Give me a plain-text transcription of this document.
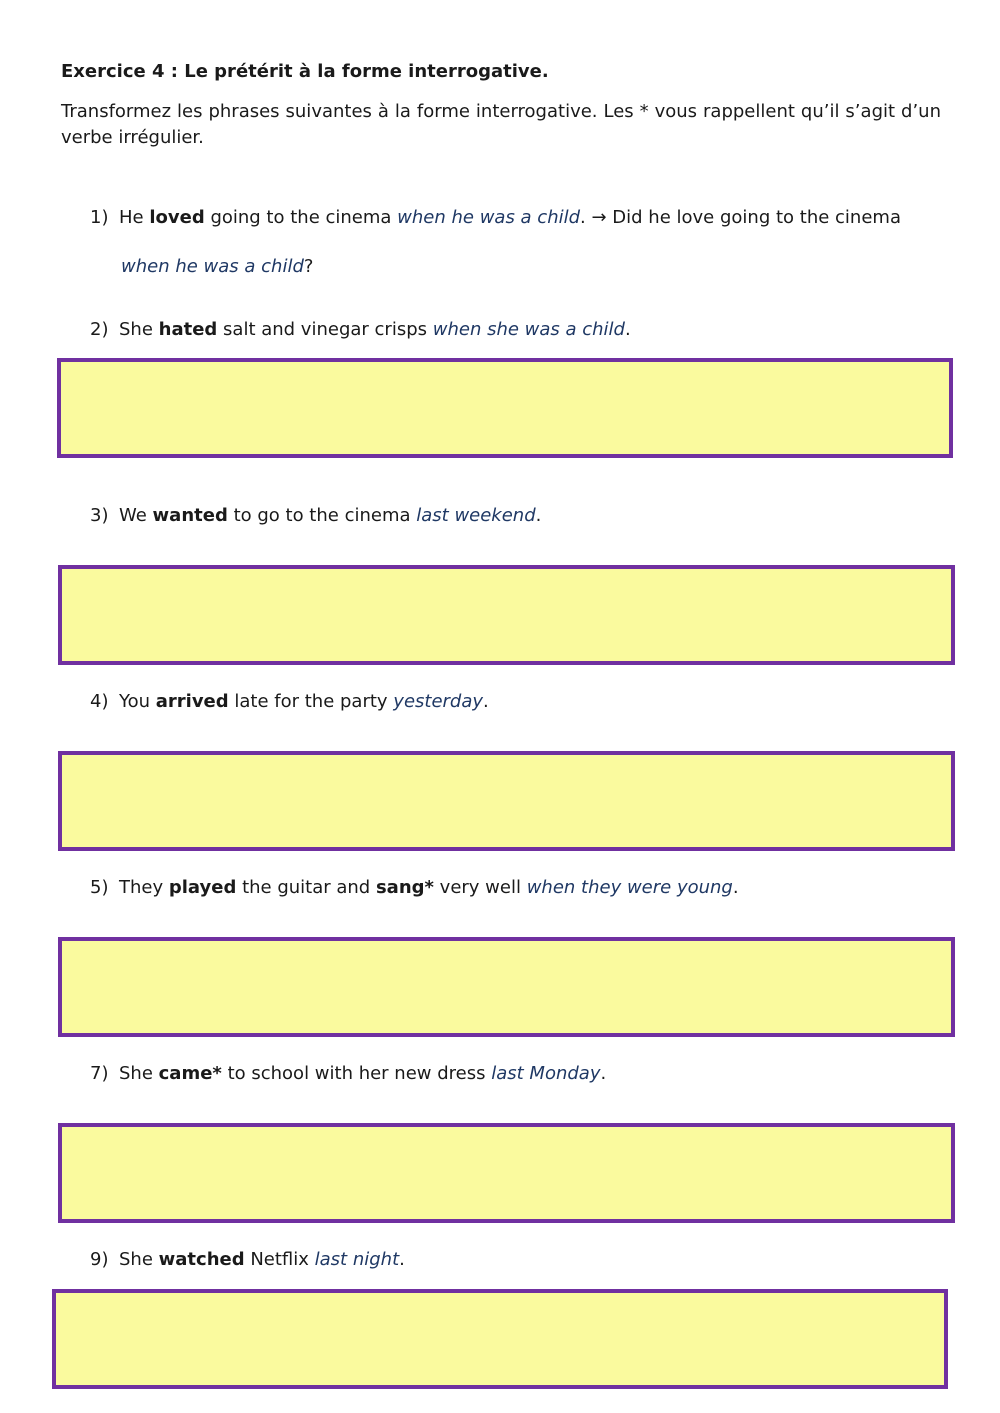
Exercice 4 : Le prétérit à la forme interrogative.

Transformez les phrases suivantes à la forme interrogative. Les * vous rappellent qu’il s’agit d’un verbe irrégulier.

1) He loved going to the cinema when he was a child. → Did he love going to the cinema
when he was a child?
2) She hated salt and vinegar crisps when she was a child.
3) We wanted to go to the cinema last weekend.
4) You arrived late for the party yesterday.
5) They played the guitar and sang* very well when they were young.
7) She came* to school with her new dress last Monday.
9) She watched Netflix last night.
